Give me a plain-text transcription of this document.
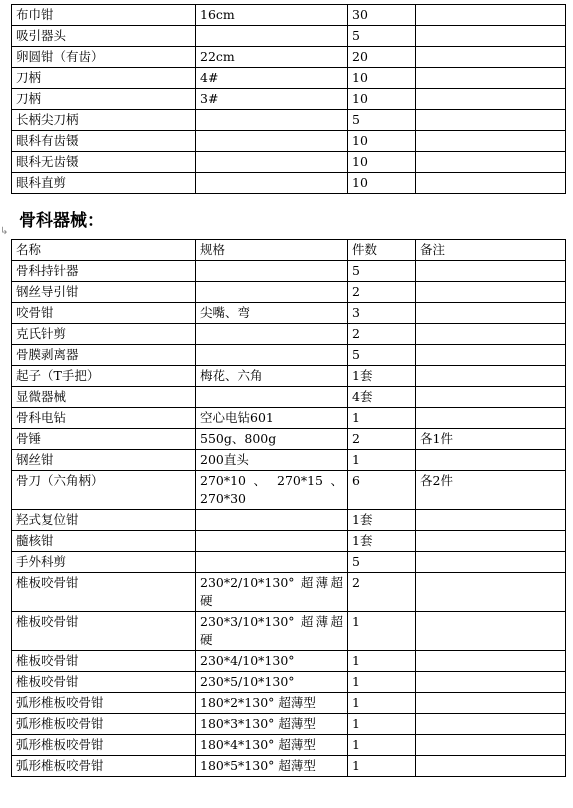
布巾钳	16cm	30	
吸引器头		5	
卵圆钳（有齿）	22cm	20	
刀柄	4#	10	
刀柄	3#	10	
长柄尖刀柄		5	
眼科有齿镊		10	
眼科无齿镊		10	
眼科直剪		10	
↳
骨科器械：
名称	规格	件数	备注
骨科持针器		5	
钢丝导引钳		2	
咬骨钳	尖嘴、弯	3	
克氏针剪		2	
骨膜剥离器		5	
起子（T手把）	梅花、六角	1套	
显微器械		4套	
骨科电钻	空心电钻601	1	
骨锤	550g、800g	2	各1件
钢丝钳	200直头	1	
骨刀（六角柄）	270*10 、 270*15 、270*30	6	各2件
羟式复位钳		1套	
髓核钳		1套	
手外科剪		5	
椎板咬骨钳	230*2/10*130° 超薄超硬	2	
椎板咬骨钳	230*3/10*130° 超薄超硬	1	
椎板咬骨钳	230*4/10*130°	1	
椎板咬骨钳	230*5/10*130°	1	
弧形椎板咬骨钳	180*2*130° 超薄型	1	
弧形椎板咬骨钳	180*3*130° 超薄型	1	
弧形椎板咬骨钳	180*4*130° 超薄型	1	
弧形椎板咬骨钳	180*5*130° 超薄型	1	
